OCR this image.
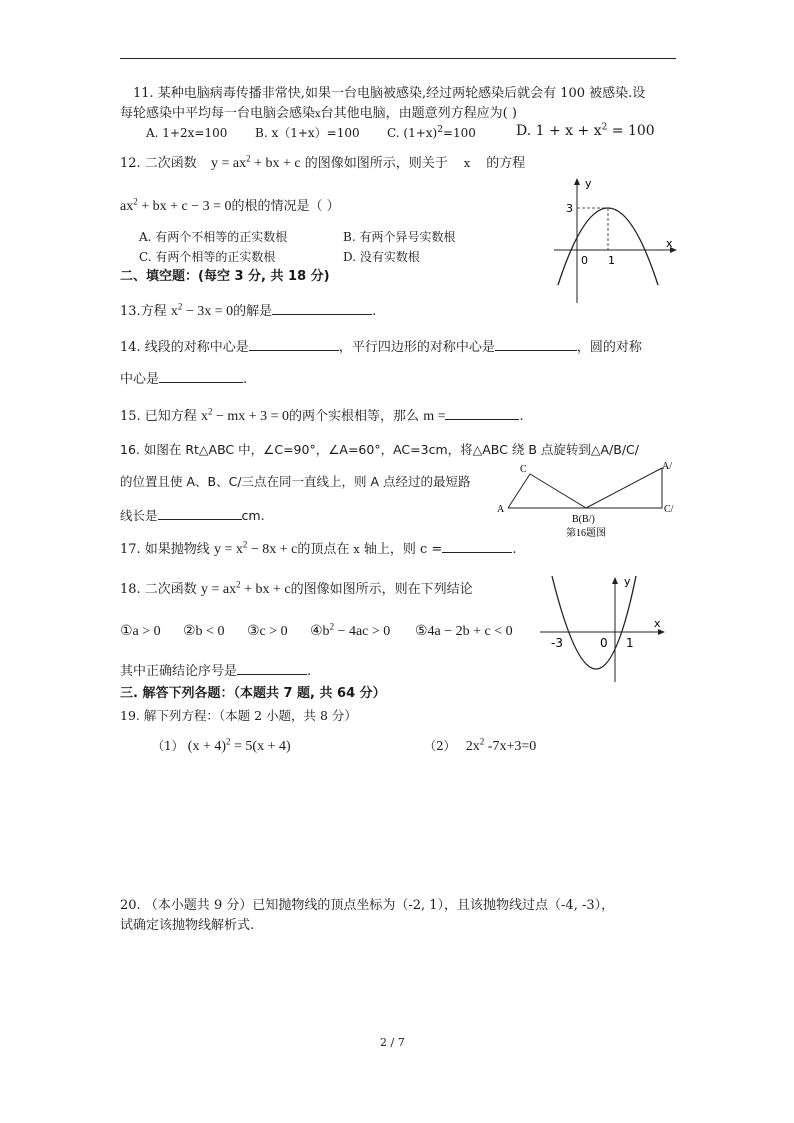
11. 某种电脑病毒传播非常快,如果一台电脑被感染,经过两轮感染后就会有 100 被感染.设
每轮感染中平均每一台电脑会感染x台其他电脑，由题意列方程应为( )
A. 1+2x=100 B. x（1+x）=100 C. $(1+x)^2=100$	D. $1 + x + x^2 = 100$
12. 二次函数 $y = ax^2$ + bx + c 的图像如图所示，则关于 x 的方程
$ax^2$ + bx + c − 3 = 0的根的情况是（ ）
A. 有两个不相等的正实数根	B. 有两个异号实数根
C. 有两个相等的正实数根	D. 没有实数根
y
x
3
0 1
二、填空题：(每空 3 分, 共 18 分)
13.方程 $x^2 - 3x = 0$的解是	.
14. 线段的对称中心是	，平行四边形的对称中心是	，圆的对称
中心是	.
15. 已知方程 $x^2$ − mx + 3 = 0的两个实根相等，那么 m =	.
16. 如图在 Rt△ABC 中，∠C=90°，∠A=60°，AC=3cm，将△ABC 绕 B 点旋转到△A/B/C/
的位置且使 A、B、C/三点在同一直线上，则 A 点经过的最短路
线长是	cm.
C
A
B(B/)
A/
C/
第16题图
17. 如果抛物线 $y = x^2 - 8x + c$的顶点在 x 轴上，则 c =	.
18. 二次函数 $y = ax^2$ + bx + c的图像如图所示，则在下列结论
①a > 0 ②b < 0 ③c > 0 $④b^2 - 4ac > 0$ ⑤4a − 2b + c < 0
其中正确结论序号是	.
y
x
-3	0 1
三. 解答下列各题：（本题共 7 题, 共 64 分）
19. 解下列方程：（本题 2 小题，共 8 分）
（1） $(x + 4)^2 = 5(x + 4)$	（2） $2x^2$ -7x+3=0
20. （本小题共 9 分）已知抛物线的顶点坐标为（-2, 1），且该抛物线过点（-4, -3），
试确定该抛物线解析式.
2 / 7
